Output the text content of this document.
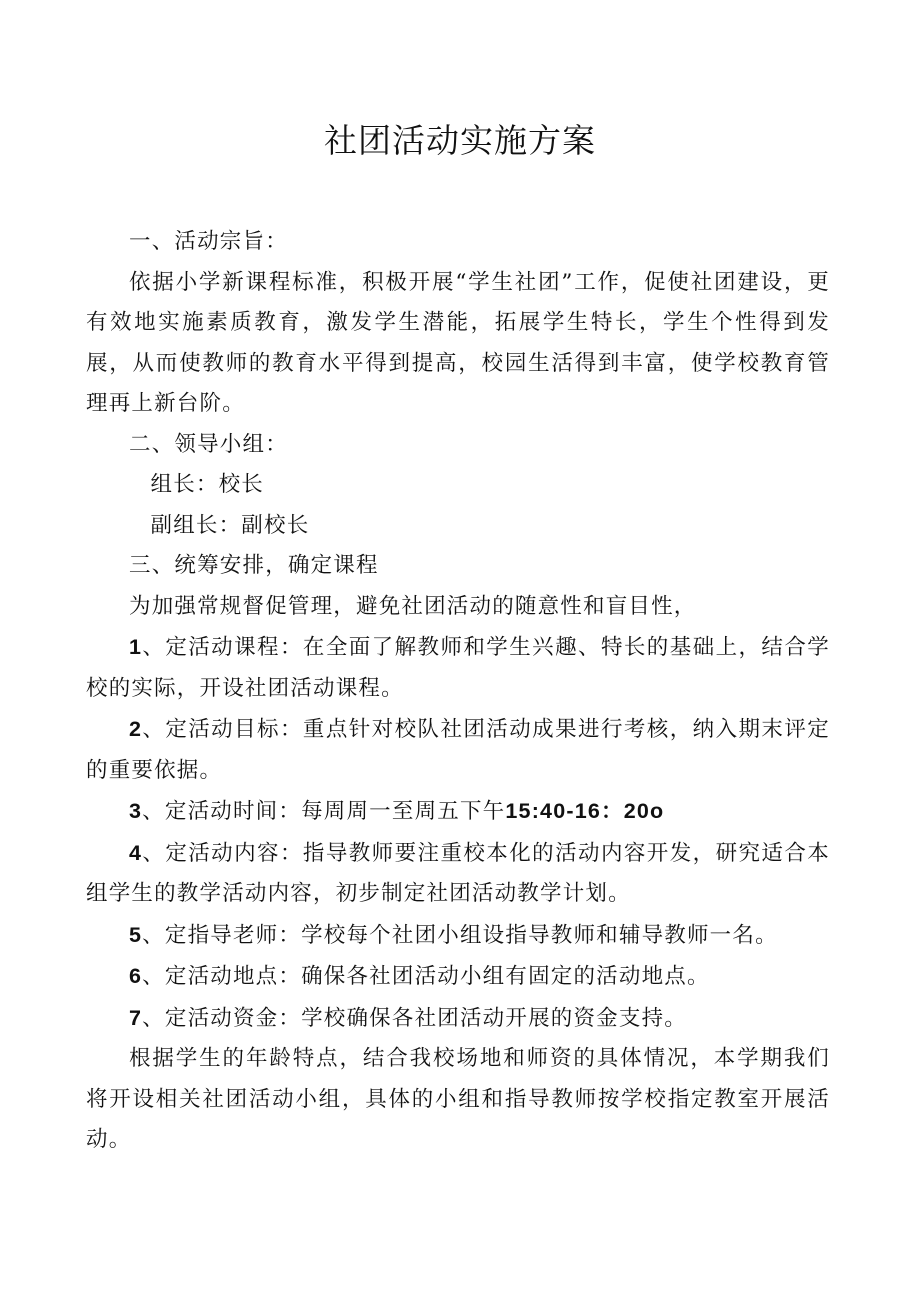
社团活动实施方案

一、活动宗旨：

依据小学新课程标准，积极开展“学生社团”工作，促使社团建设，更有效地实施素质教育，激发学生潜能，拓展学生特长，学生个性得到发展，从而使教师的教育水平得到提高，校园生活得到丰富，使学校教育管理再上新台阶。

二、领导小组：

组长：校长

副组长：副校长

三、统筹安排，确定课程

为加强常规督促管理，避免社团活动的随意性和盲目性，

1、定活动课程：在全面了解教师和学生兴趣、特长的基础上，结合学校的实际，开设社团活动课程。

2、定活动目标：重点针对校队社团活动成果进行考核，纳入期末评定的重要依据。

3、定活动时间：每周周一至周五下午15:40-16：20o

4、定活动内容：指导教师要注重校本化的活动内容开发，研究适合本组学生的教学活动内容，初步制定社团活动教学计划。

5、定指导老师：学校每个社团小组设指导教师和辅导教师一名。

6、定活动地点：确保各社团活动小组有固定的活动地点。

7、定活动资金：学校确保各社团活动开展的资金支持。

根据学生的年龄特点，结合我校场地和师资的具体情况，本学期我们将开设相关社团活动小组，具体的小组和指导教师按学校指定教室开展活动。
